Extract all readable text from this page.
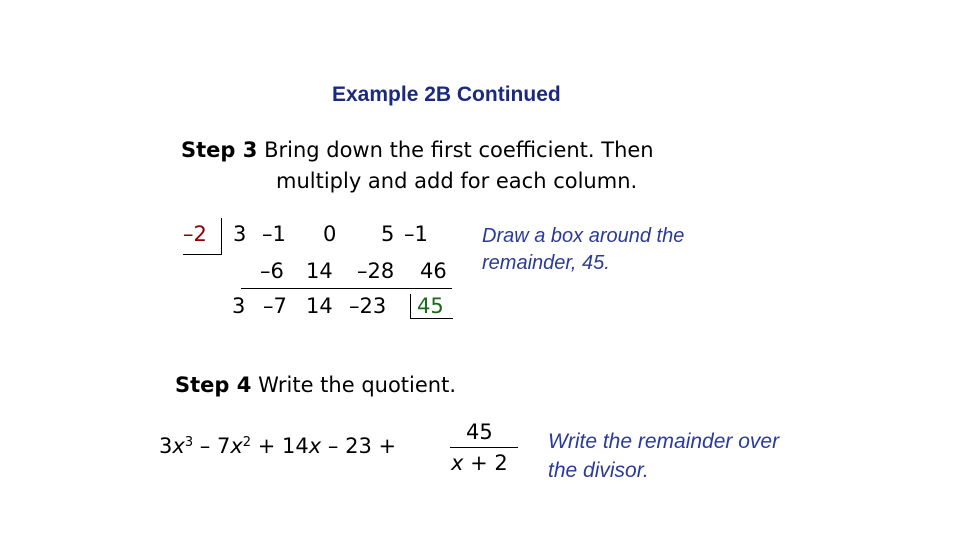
Example 2B Continued
Step 3 Bring down the first coefficient. Then
multiply and add for each column.
–2 3 –1 0 5 –1
–6 14 –28 46
3 –7 14 –23 45
Draw a box around the
remainder, 45.
Step 4 Write the quotient.
$3x^3 - 7x^2 + 14x - 23$ +
45
x + 2
Write the remainder over
the divisor.
